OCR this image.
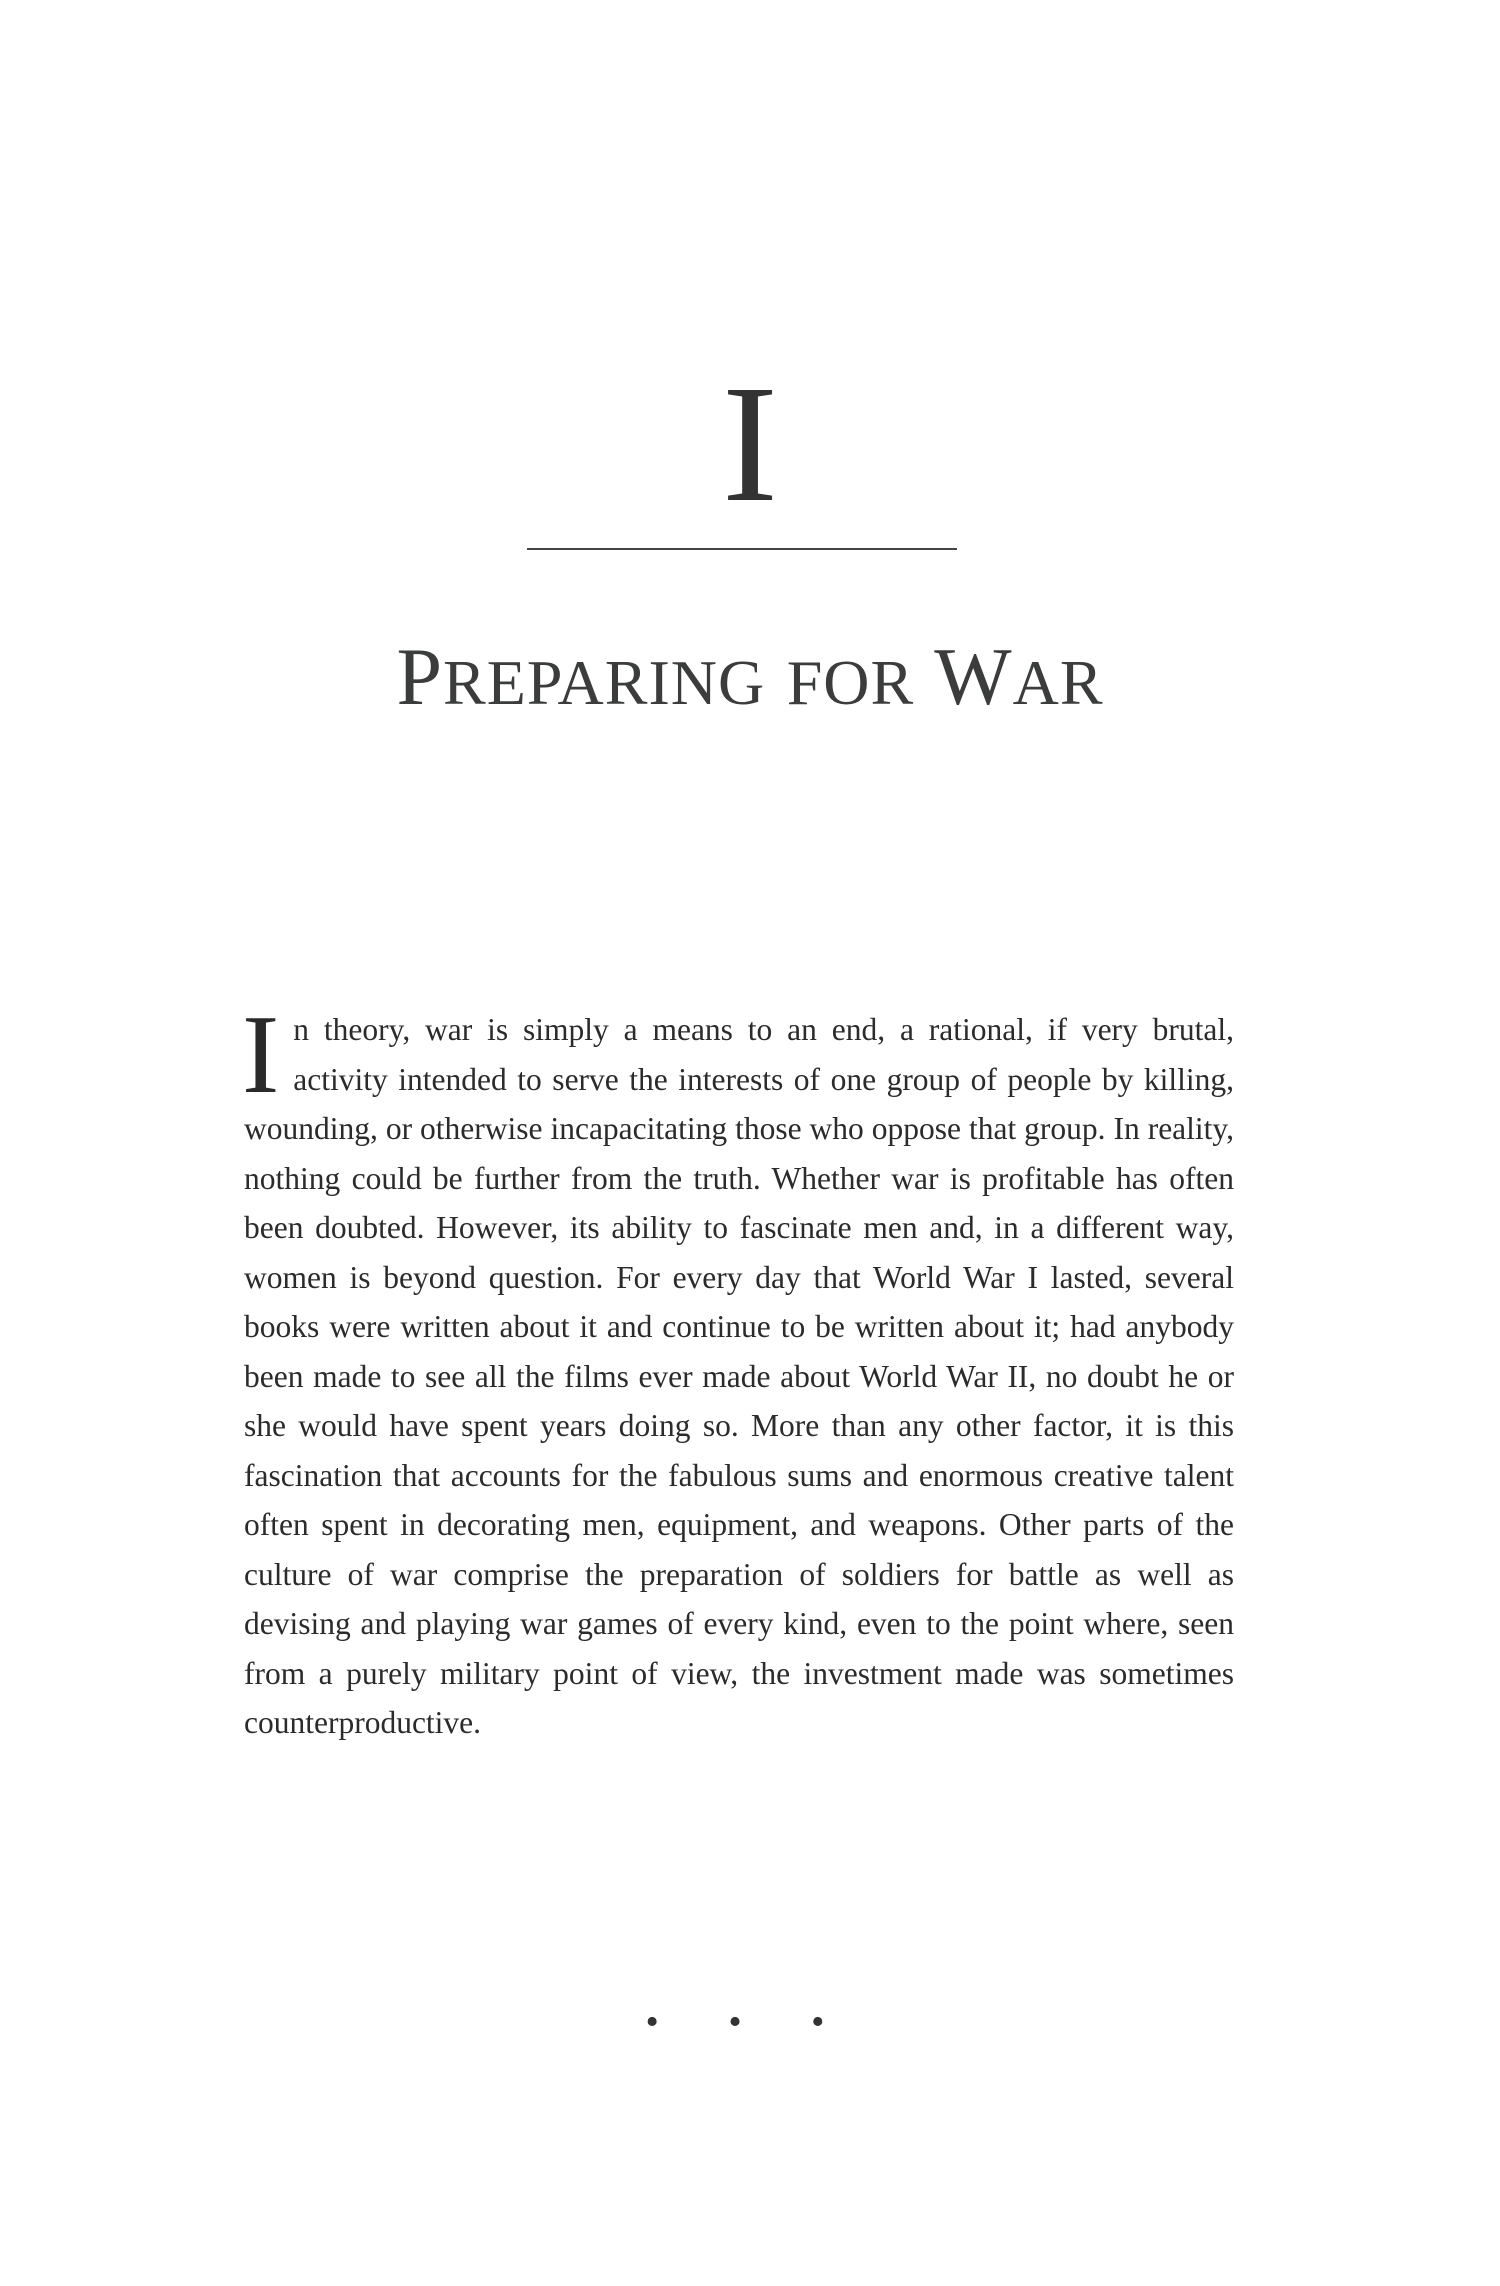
I
PREPARING FOR WAR
In theory, war is simply a means to an end, a rational, if very brutal, activity intended to serve the interests of one group of people by killing, wounding, or otherwise incapacitating those who oppose that group. In reality, nothing could be further from the truth. Whether war is profitable has often been doubted. However, its ability to fascinate men and, in a different way, women is beyond question. For every day that World War I lasted, several books were written about it and continue to be written about it; had anybody been made to see all the films ever made about World War II, no doubt he or she would have spent years doing so. More than any other factor, it is this fascination that accounts for the fabulous sums and enormous creative talent often spent in decorating men, equipment, and weapons. Other parts of the culture of war comprise the preparation of soldiers for battle as well as devising and playing war games of every kind, even to the point where, seen from a purely military point of view, the investment made was sometimes counterproductive.
• • •
